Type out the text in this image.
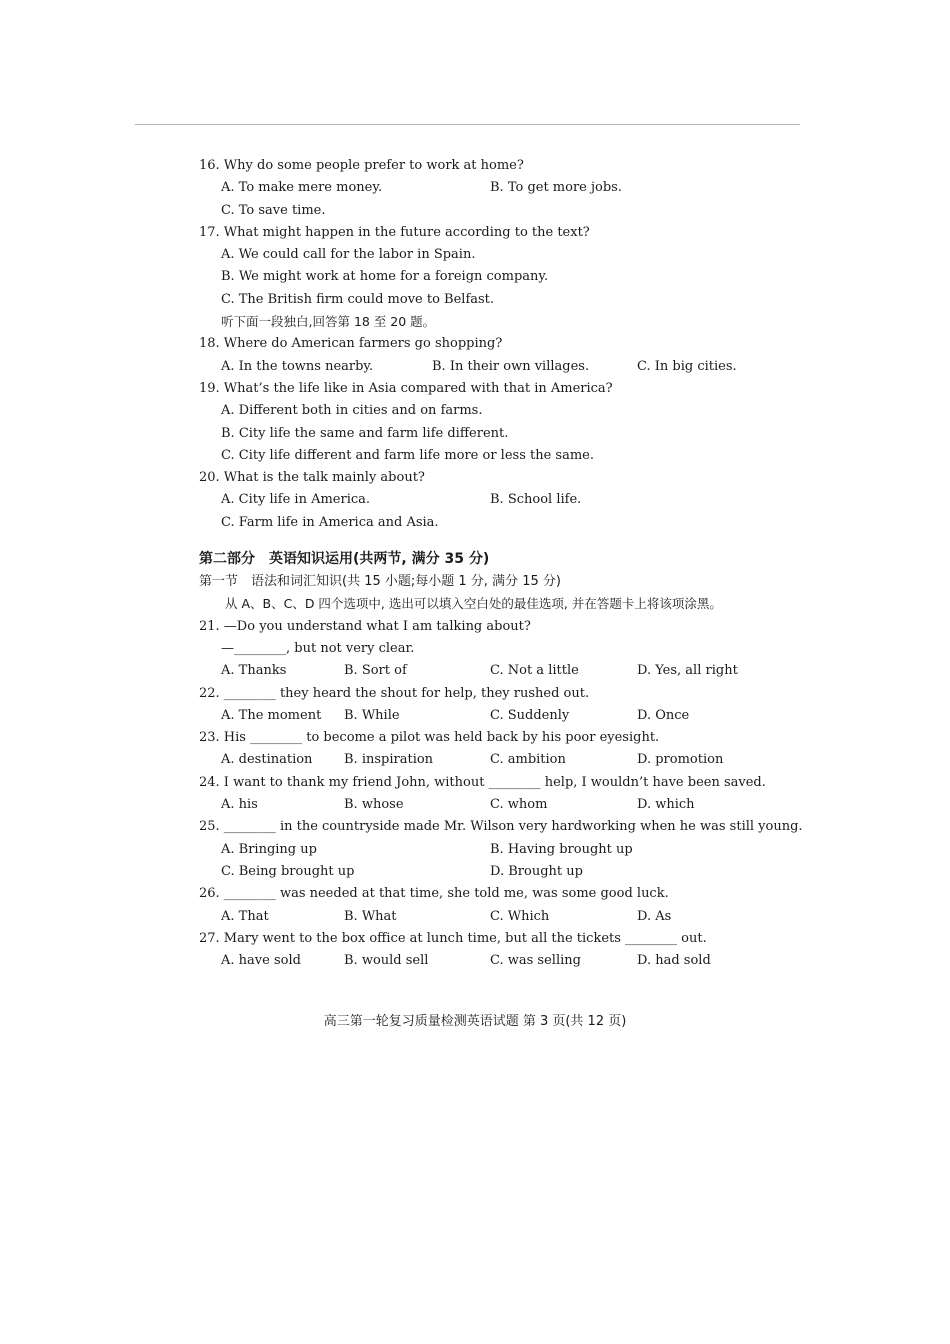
16. Why do some people prefer to work at home?
A. To make mere money.	B. To get more jobs.
C. To save time.
17. What might happen in the future according to the text?
A. We could call for the labor in Spain.
B. We might work at home for a foreign company.
C. The British firm could move to Belfast.
听下面一段独白,回答第 18 至 20 题。
18. Where do American farmers go shopping?
A. In the towns nearby.	B. In their own villages.	C. In big cities.
19. What’s the life like in Asia compared with that in America?
A. Different both in cities and on farms.
B. City life the same and farm life different.
C. City life different and farm life more or less the same.
20. What is the talk mainly about?
A. City life in America.	B. School life.
C. Farm life in America and Asia.
第二部分　英语知识运用(共两节, 满分 35 分)
第一节　语法和词汇知识(共 15 小题;每小题 1 分, 满分 15 分)
从 A、B、C、D 四个选项中, 选出可以填入空白处的最佳选项, 并在答题卡上将该项涂黑。
21. —Do you understand what I am talking about?
—________, but not very clear.
A. Thanks	B. Sort of	C. Not a little	D. Yes, all right
22. ________ they heard the shout for help, they rushed out.
A. The moment B. While	C. Suddenly	D. Once
23. His ________ to become a pilot was held back by his poor eyesight.
A. destination B. inspiration	C. ambition	D. promotion
24. I want to thank my friend John, without ________ help, I wouldn’t have been saved.
A. his	B. whose	C. whom	D. which
25. ________ in the countryside made Mr. Wilson very hardworking when he was still young.
A. Bringing up	B. Having brought up
C. Being brought up	D. Brought up
26. ________ was needed at that time, she told me, was some good luck.
A. That	B. What	C. Which	D. As
27. Mary went to the box office at lunch time, but all the tickets ________ out.
A. have sold	B. would sell	C. was selling	D. had sold
高三第一轮复习质量检测英语试题 第 3 页(共 12 页)
